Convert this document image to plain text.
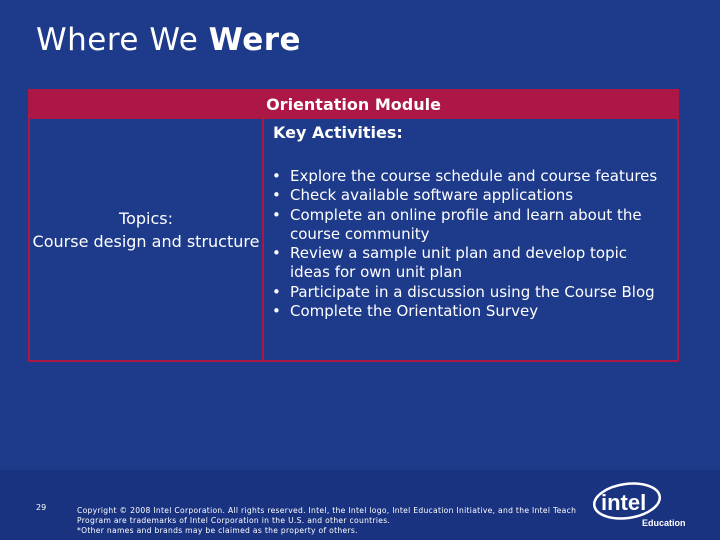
Where We Were
Orientation Module
Topics:
Course design and structure
Key Activities:
• Explore the course schedule and course features
• Check available software applications
• Complete an online profile and learn about the course community
• Review a sample unit plan and develop topic ideas for own unit plan
• Participate in a discussion using the Course Blog
• Complete the Orientation Survey
29	Copyright © 2008 Intel Corporation. All rights reserved. Intel, the Intel logo, Intel Education Initiative, and the Intel Teach
Program are trademarks of Intel Corporation in the U.S. and other countries.
*Other names and brands may be claimed as the property of others.
intel
Education
